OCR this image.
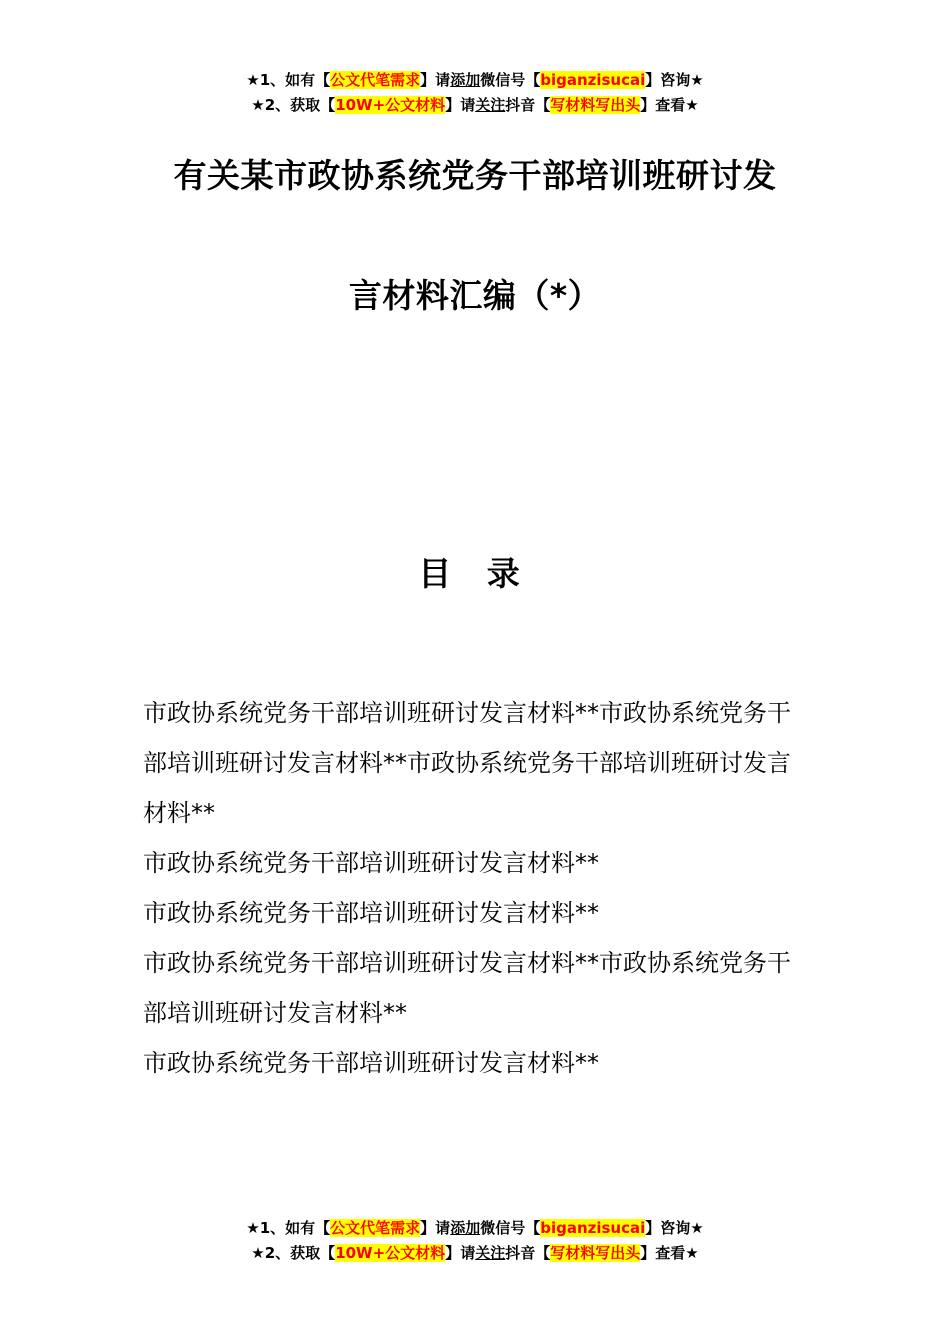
★1、如有【公文代笔需求】请添加微信号【biganzisucai】咨询★
★2、获取【10W+公文材料】请关注抖音【写材料写出头】查看★
有关某市政协系统党务干部培训班研讨发
言材料汇编（*）
目 录
市政协系统党务干部培训班研讨发言材料**市政协系统党务干部培训班研讨发言材料**市政协系统党务干部培训班研讨发言材料**
市政协系统党务干部培训班研讨发言材料**
市政协系统党务干部培训班研讨发言材料**
市政协系统党务干部培训班研讨发言材料**市政协系统党务干部培训班研讨发言材料**
市政协系统党务干部培训班研讨发言材料**
★1、如有【公文代笔需求】请添加微信号【biganzisucai】咨询★
★2、获取【10W+公文材料】请关注抖音【写材料写出头】查看★
